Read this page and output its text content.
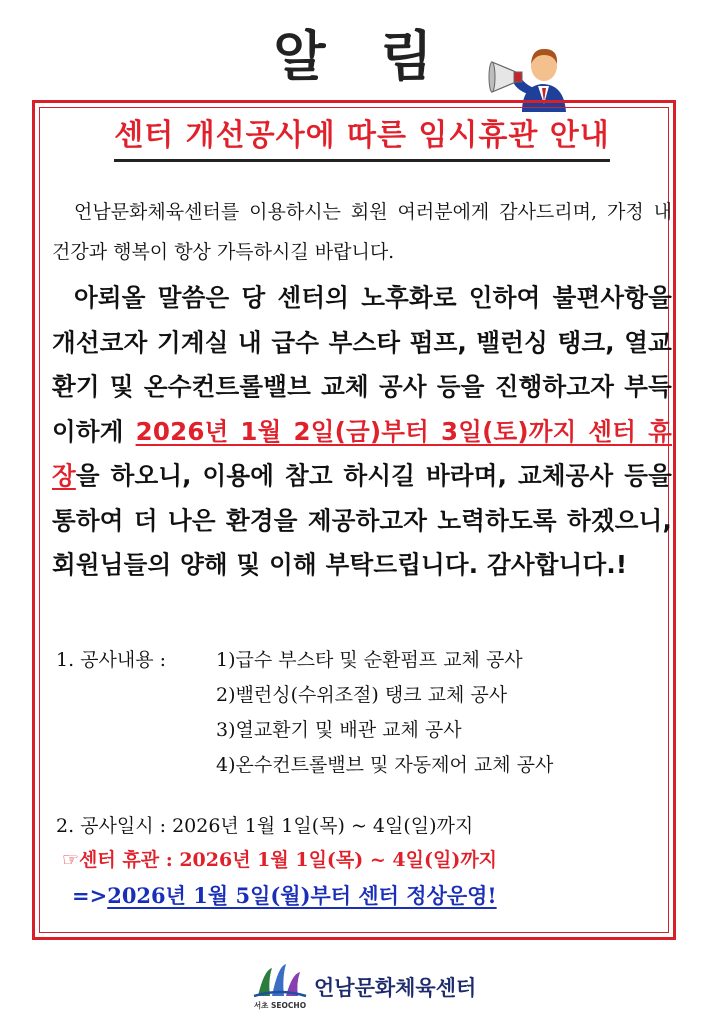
알 림
센터 개선공사에 따른 임시휴관 안내
언남문화체육센터를 이용하시는 회원 여러분에게 감사드리며, 가정 내 건강과 행복이 항상 가득하시길 바랍니다.
아뢰올 말씀은 당 센터의 노후화로 인하여 불편사항을 개선코자 기계실 내 급수 부스타 펌프, 밸런싱 탱크, 열교환기 및 온수컨트롤밸브 교체 공사 등을 진행하고자 부득이하게 2026년 1월 2일(금)부터 3일(토)까지 센터 휴장을 하오니, 이용에 참고 하시길 바라며, 교체공사 등을 통하여 더 나은 환경을 제공하고자 노력하도록 하겠으니, 회원님들의 양해 및 이해 부탁드립니다. 감사합니다.!
1. 공사내용 :	1)급수 부스타 및 순환펌프 교체 공사
2)밸런싱(수위조절) 탱크 교체 공사
3)열교환기 및 배관 교체 공사
4)온수컨트롤밸브 및 자동제어 교체 공사
2. 공사일시 : 2026년 1월 1일(목) ~ 4일(일)까지
☞센터 휴관 : 2026년 1월 1일(목) ~ 4일(일)까지
=>2026년 1월 5일(월)부터 센터 정상운영!
서초 SEOCHO
언남문화체육센터
